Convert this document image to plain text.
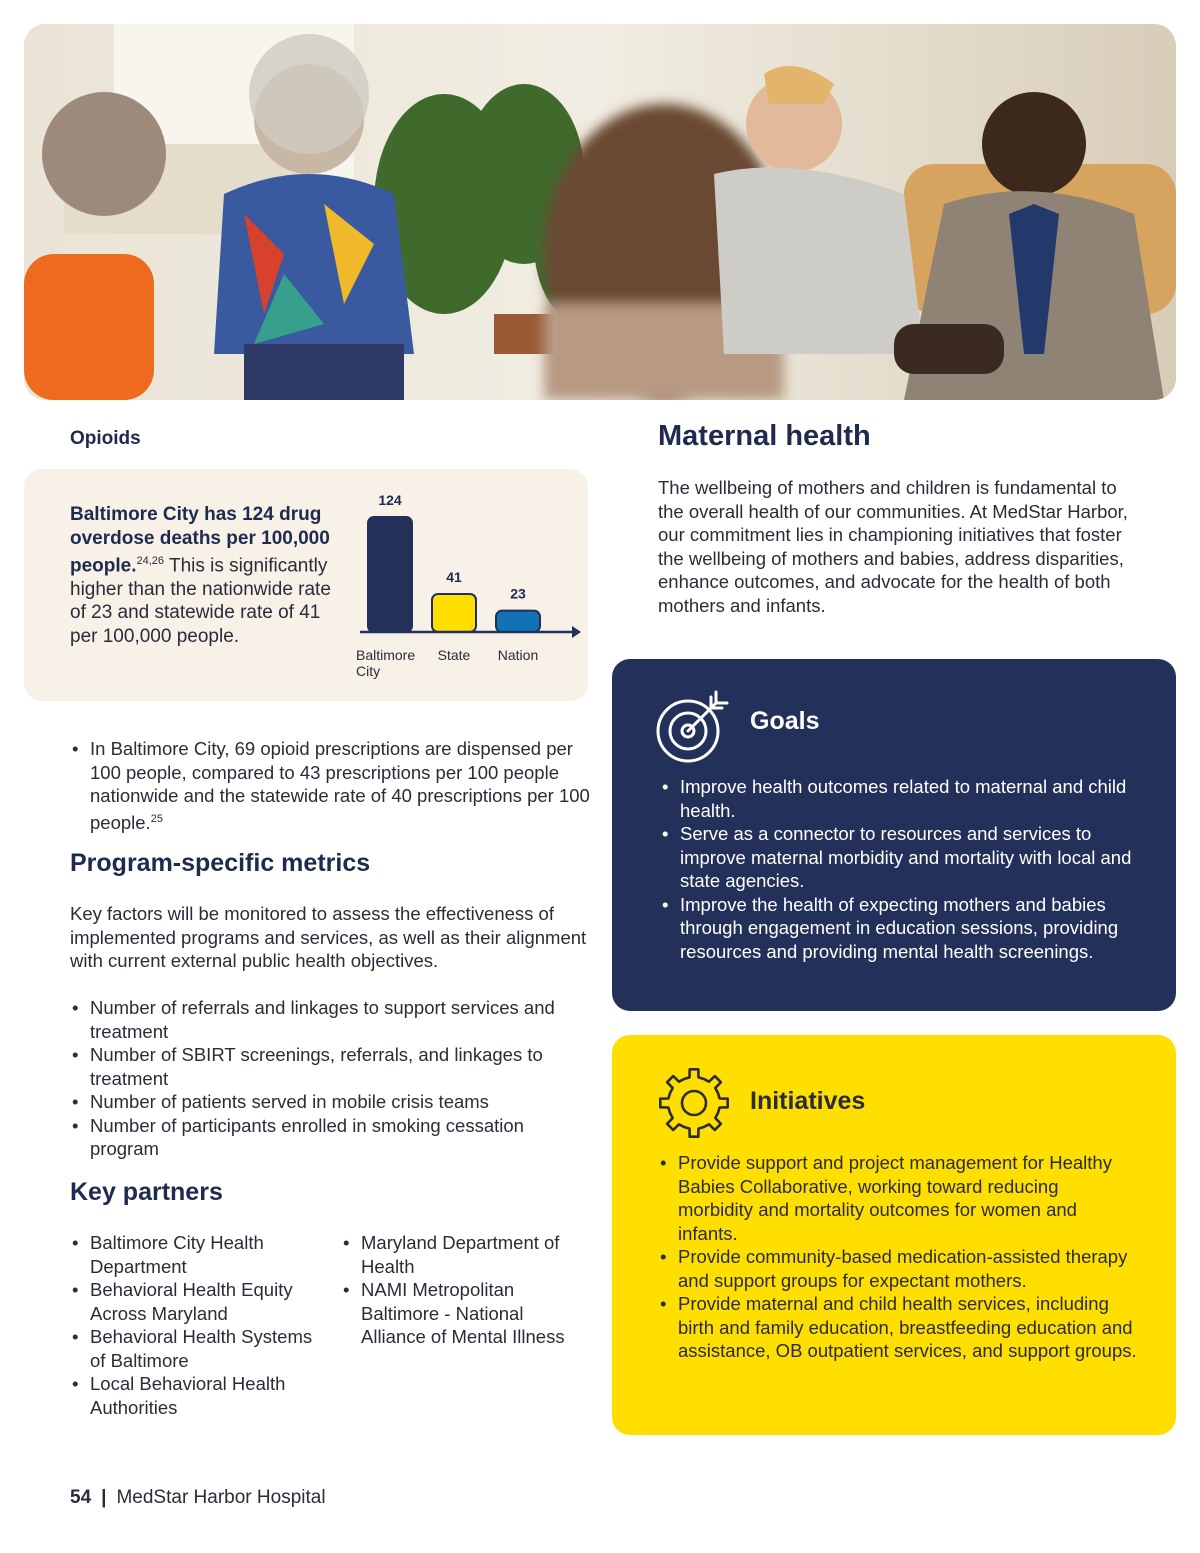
Opioids
Baltimore City has 124 drug overdose deaths per 100,000 people.$^{24,26}$ This is significantly higher than the nationwide rate of 23 and statewide rate of 41 per 100,000 people.
124
Baltimore City
41
State
23
Nation
• In Baltimore City, 69 opioid prescriptions are dispensed per 100 people, compared to 43 prescriptions per 100 people nationwide and the statewide rate of 40 prescriptions per 100 people.$^{25}$
Program-specific metrics
Key factors will be monitored to assess the effectiveness of implemented programs and services, as well as their alignment with current external public health objectives.
• Number of referrals and linkages to support services and treatment
• Number of SBIRT screenings, referrals, and linkages to treatment
• Number of patients served in mobile crisis teams
• Number of participants enrolled in smoking cessation program
Key partners
• Baltimore City Health Department
• Behavioral Health Equity Across Maryland
• Behavioral Health Systems of Baltimore
• Local Behavioral Health Authorities
• Maryland Department of Health
• NAMI Metropolitan Baltimore - National Alliance of Mental Illness
Maternal health
The wellbeing of mothers and children is fundamental to the overall health of our communities. At MedStar Harbor, our commitment lies in championing initiatives that foster the wellbeing of mothers and babies, address disparities, enhance outcomes, and advocate for the health of both mothers and infants.
Goals
• Improve health outcomes related to maternal and child health.
• Serve as a connector to resources and services to improve maternal morbidity and mortality with local and state agencies.
• Improve the health of expecting mothers and babies through engagement in education sessions, providing resources and providing mental health screenings.
Initiatives
• Provide support and project management for Healthy Babies Collaborative, working toward reducing morbidity and mortality outcomes for women and infants.
• Provide community-based medication-assisted therapy and support groups for expectant mothers.
• Provide maternal and child health services, including birth and family education, breastfeeding education and assistance, OB outpatient services, and support groups.
54 | MedStar Harbor Hospital
